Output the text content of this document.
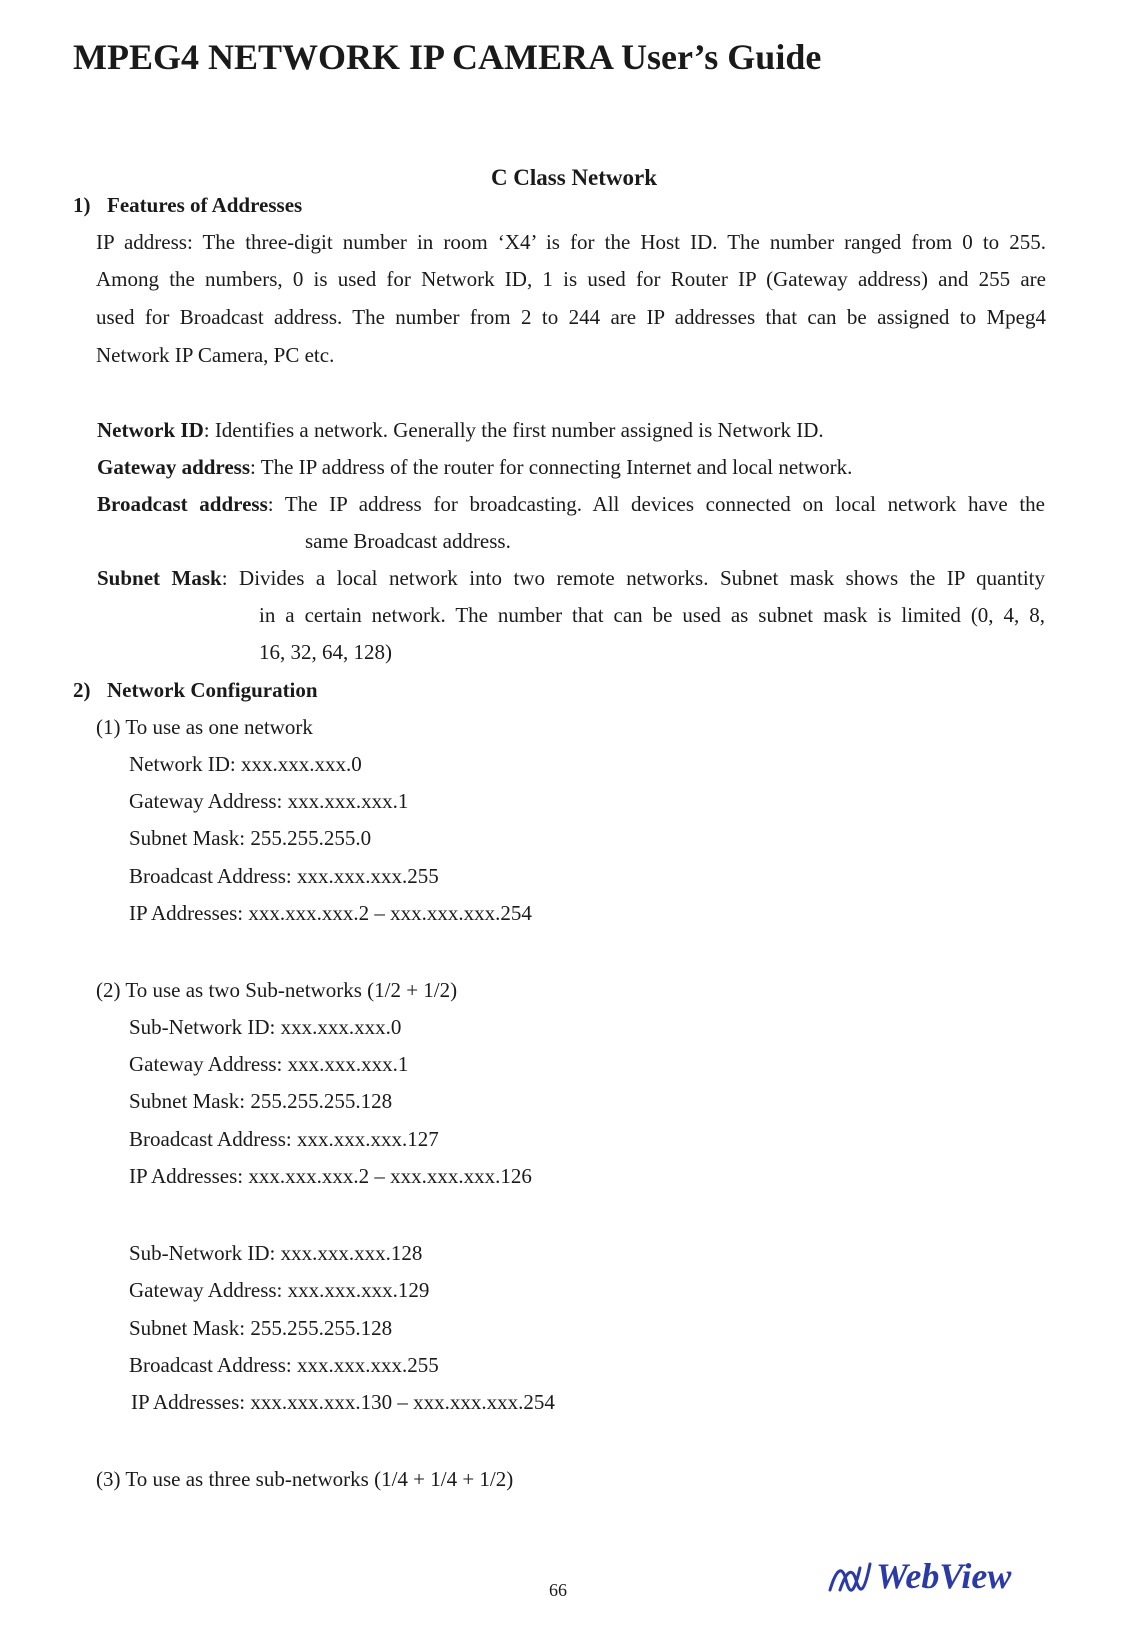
MPEG4 NETWORK IP CAMERA User’s Guide
C Class Network
1) Features of Addresses
IP address: The three-digit number in room ‘X4’ is for the Host ID. The number ranged from 0 to 255.
Among the numbers, 0 is used for Network ID, 1 is used for Router IP (Gateway address) and 255 are
used for Broadcast address. The number from 2 to 244 are IP addresses that can be assigned to Mpeg4
Network IP Camera, PC etc.
Network ID: Identifies a network. Generally the first number assigned is Network ID.
Gateway address: The IP address of the router for connecting Internet and local network.
Broadcast address: The IP address for broadcasting. All devices connected on local network have the
same Broadcast address.
Subnet Mask: Divides a local network into two remote networks. Subnet mask shows the IP quantity
in a certain network. The number that can be used as subnet mask is limited (0, 4, 8,
16, 32, 64, 128)
2) Network Configuration
(1) To use as one network
Network ID: xxx.xxx.xxx.0
Gateway Address: xxx.xxx.xxx.1
Subnet Mask: 255.255.255.0
Broadcast Address: xxx.xxx.xxx.255
IP Addresses: xxx.xxx.xxx.2 – xxx.xxx.xxx.254
(2) To use as two Sub-networks (1/2 + 1/2)
Sub-Network ID: xxx.xxx.xxx.0
Gateway Address: xxx.xxx.xxx.1
Subnet Mask: 255.255.255.128
Broadcast Address: xxx.xxx.xxx.127
IP Addresses: xxx.xxx.xxx.2 – xxx.xxx.xxx.126
Sub-Network ID: xxx.xxx.xxx.128
Gateway Address: xxx.xxx.xxx.129
Subnet Mask: 255.255.255.128
Broadcast Address: xxx.xxx.xxx.255
IP Addresses: xxx.xxx.xxx.130 – xxx.xxx.xxx.254
(3) To use as three sub-networks (1/4 + 1/4 + 1/2)
66	WebView
